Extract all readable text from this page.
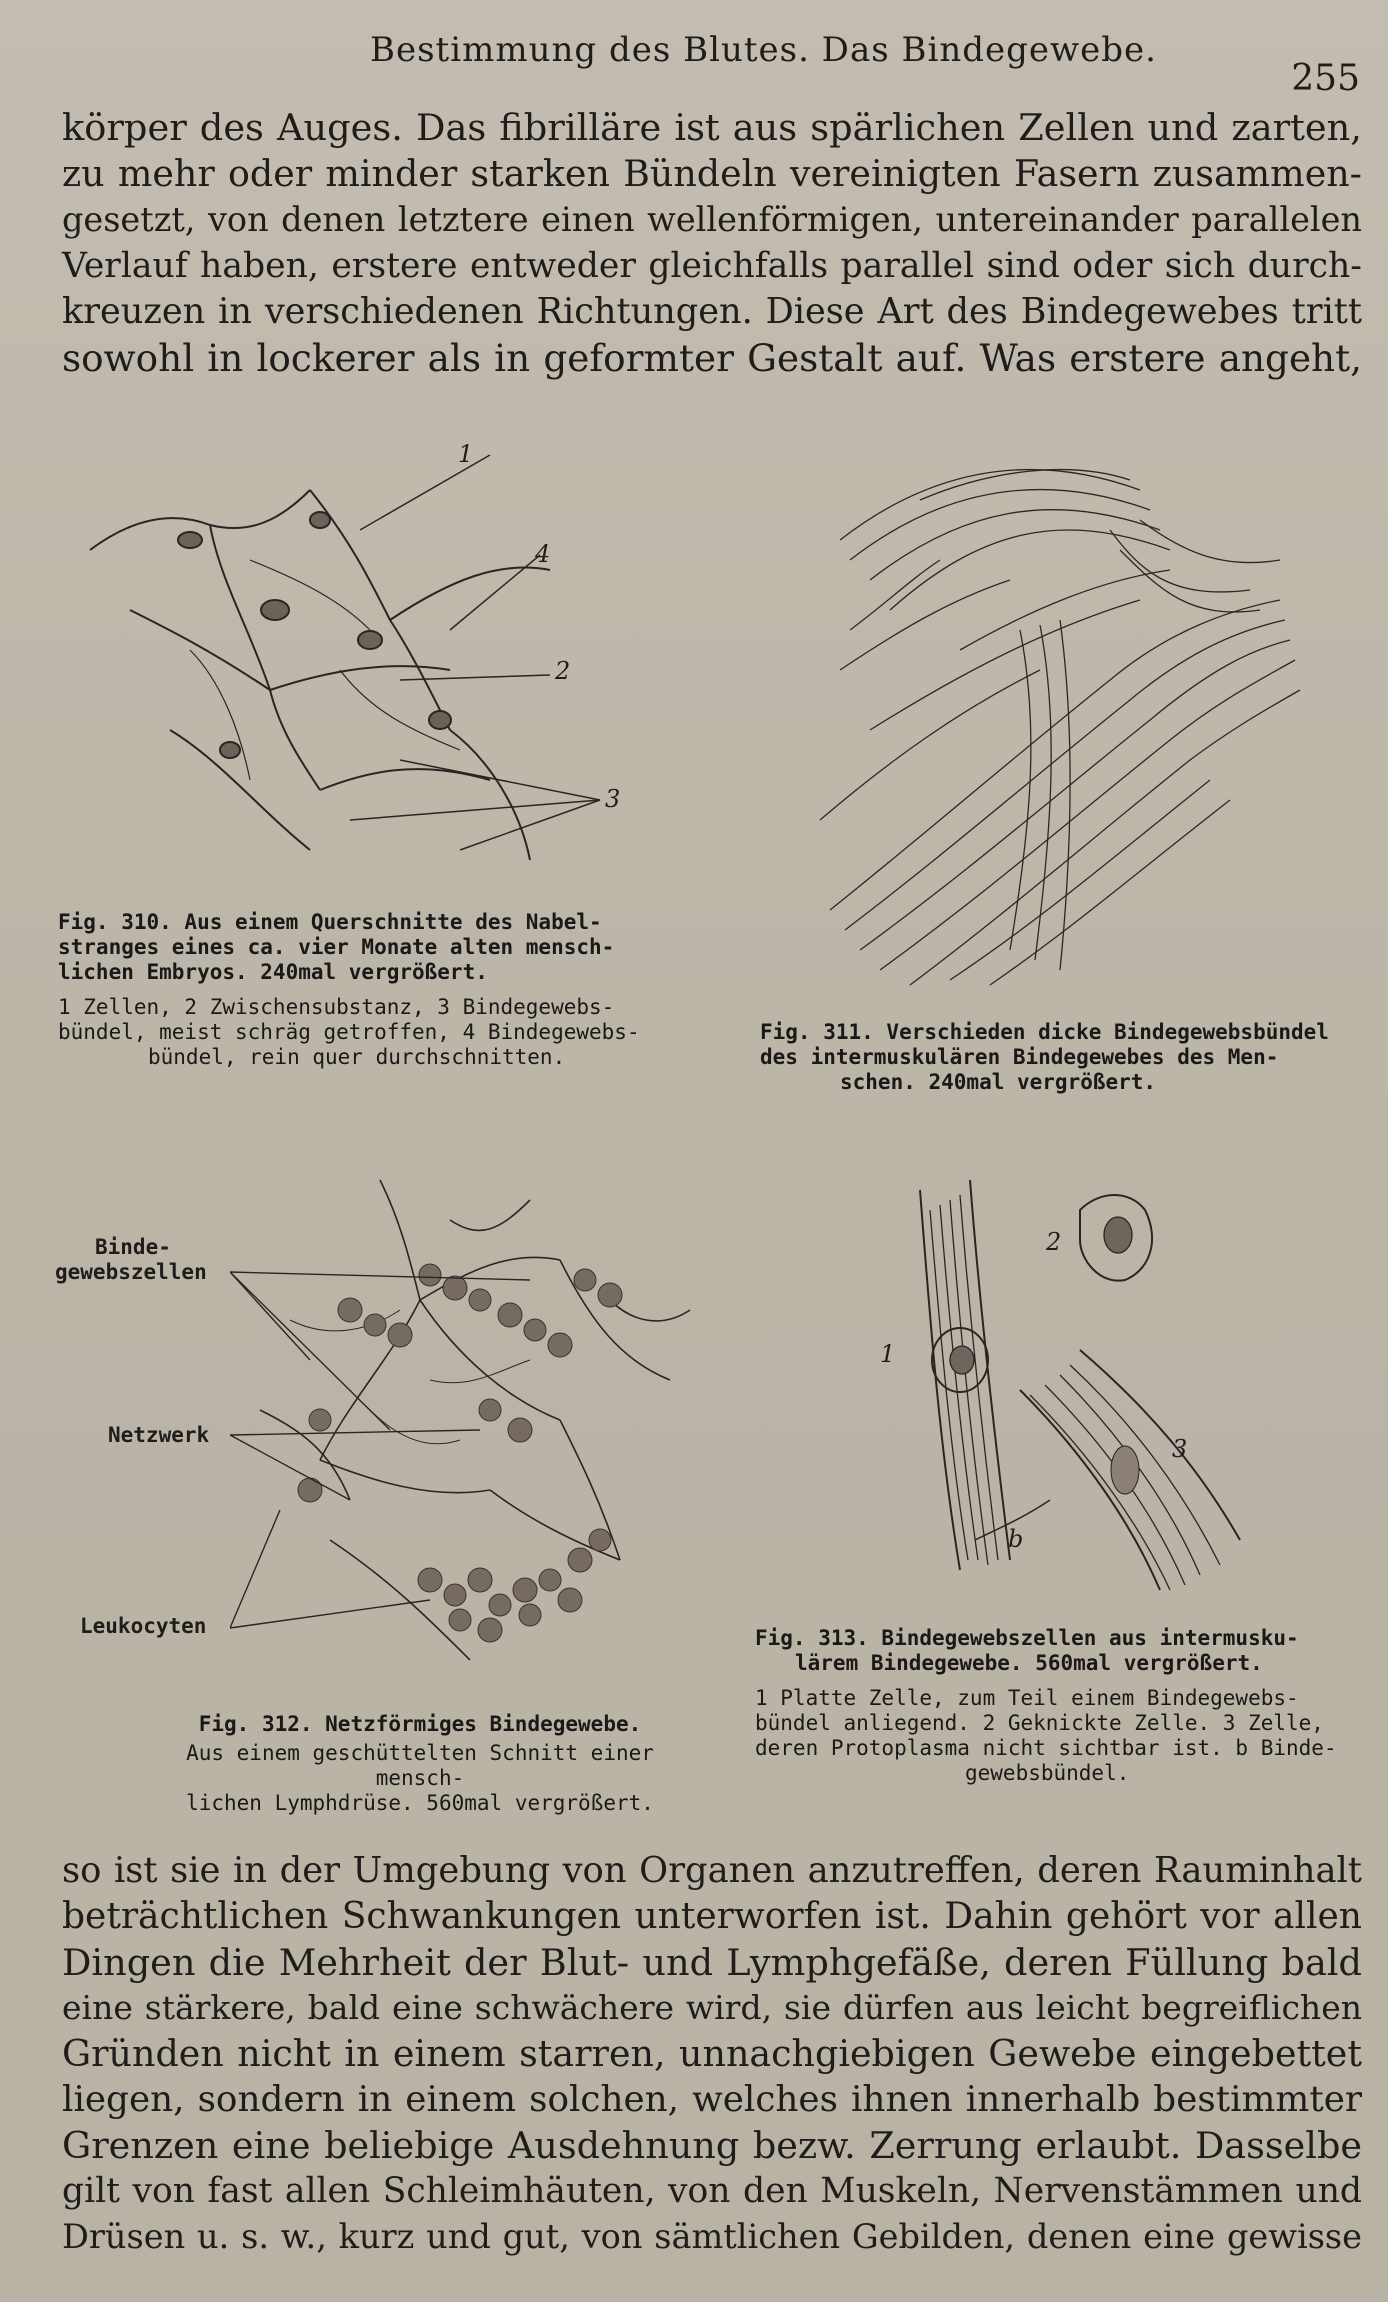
Bestimmung des Blutes. Das Bindegewebe.
255
körper des Auges. Das fibrilläre ist aus spärlichen Zellen und zarten,
zu mehr oder minder starken Bündeln vereinigten Fasern zusammen-
gesetzt, von denen letztere einen wellenförmigen, untereinander parallelen
Verlauf haben, erstere entweder gleichfalls parallel sind oder sich durch-
kreuzen in verschiedenen Richtungen. Diese Art des Bindegewebes tritt
sowohl in lockerer als in geformter Gestalt auf. Was erstere angeht,
1
4
2
3
Fig. 310. Aus einem Querschnitte des Nabel-
stranges eines ca. vier Monate alten mensch-
lichen Embryos. 240mal vergrößert.
1 Zellen, 2 Zwischensubstanz, 3 Bindegewebs-
bündel, meist schräg getroffen, 4 Bindegewebs-
bündel, rein quer durchschnitten.
Fig. 311. Verschieden dicke Bindegewebsbündel
des intermuskulären Bindegewebes des Men-
schen. 240mal vergrößert.
Binde-
gewebszellen
Netzwerk
Leukocyten
Fig. 312. Netzförmiges Bindegewebe.
Aus einem geschüttelten Schnitt einer mensch-
lichen Lymphdrüse. 560mal vergrößert.
2
1
3
b
Fig. 313. Bindegewebszellen aus intermusku-
lärem Bindegewebe. 560mal vergrößert.
1 Platte Zelle, zum Teil einem Bindegewebs-
bündel anliegend. 2 Geknickte Zelle. 3 Zelle,
deren Protoplasma nicht sichtbar ist. b Binde-
gewebsbündel.
so ist sie in der Umgebung von Organen anzutreffen, deren Rauminhalt
beträchtlichen Schwankungen unterworfen ist. Dahin gehört vor allen
Dingen die Mehrheit der Blut- und Lymphgefäße, deren Füllung bald
eine stärkere, bald eine schwächere wird, sie dürfen aus leicht begreiflichen
Gründen nicht in einem starren, unnachgiebigen Gewebe eingebettet
liegen, sondern in einem solchen, welches ihnen innerhalb bestimmter
Grenzen eine beliebige Ausdehnung bezw. Zerrung erlaubt. Dasselbe
gilt von fast allen Schleimhäuten, von den Muskeln, Nervenstämmen und
Drüsen u. s. w., kurz und gut, von sämtlichen Gebilden, denen eine gewisse
